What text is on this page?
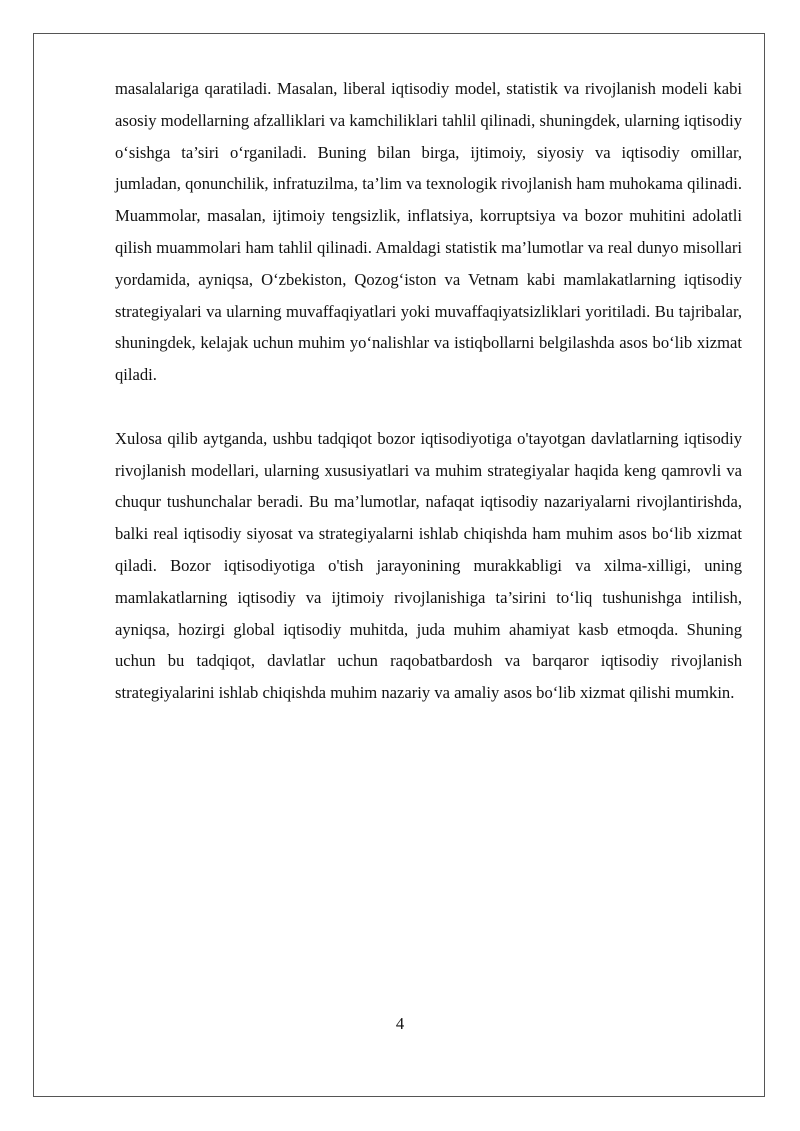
masalalariga qaratiladi. Masalan, liberal iqtisodiy model, statistik va rivojlanish modeli kabi asosiy modellarning afzalliklari va kamchiliklari tahlil qilinadi, shuningdek, ularning iqtisodiy o‘sishga ta’siri o‘rganiladi. Buning bilan birga, ijtimoiy, siyosiy va iqtisodiy omillar, jumladan, qonunchilik, infratuzilma, ta’lim va texnologik rivojlanish ham muhokama qilinadi. Muammolar, masalan, ijtimoiy tengsizlik, inflatsiya, korruptsiya va bozor muhitini adolatli qilish muammolari ham tahlil qilinadi. Amaldagi statistik ma’lumotlar va real dunyo misollari yordamida, ayniqsa, O‘zbekiston, Qozog‘iston va Vetnam kabi mamlakatlarning iqtisodiy strategiyalari va ularning muvaffaqiyatlari yoki muvaffaqiyatsizliklari yoritiladi. Bu tajribalar, shuningdek, kelajak uchun muhim yo‘nalishlar va istiqbollarni belgilashda asos bo‘lib xizmat qiladi.

Xulosa qilib aytganda, ushbu tadqiqot bozor iqtisodiyotiga o'tayotgan davlatlarning iqtisodiy rivojlanish modellari, ularning xususiyatlari va muhim strategiyalar haqida keng qamrovli va chuqur tushunchalar beradi. Bu ma’lumotlar, nafaqat iqtisodiy nazariyalarni rivojlantirishda, balki real iqtisodiy siyosat va strategiyalarni ishlab chiqishda ham muhim asos bo‘lib xizmat qiladi. Bozor iqtisodiyotiga o'tish jarayonining murakkabligi va xilma-xilligi, uning mamlakatlarning iqtisodiy va ijtimoiy rivojlanishiga ta’sirini to‘liq tushunishga intilish, ayniqsa, hozirgi global iqtisodiy muhitda, juda muhim ahamiyat kasb etmoqda. Shuning uchun bu tadqiqot, davlatlar uchun raqobatbardosh va barqaror iqtisodiy rivojlanish strategiyalarini ishlab chiqishda muhim nazariy va amaliy asos bo‘lib xizmat qilishi mumkin.

4
